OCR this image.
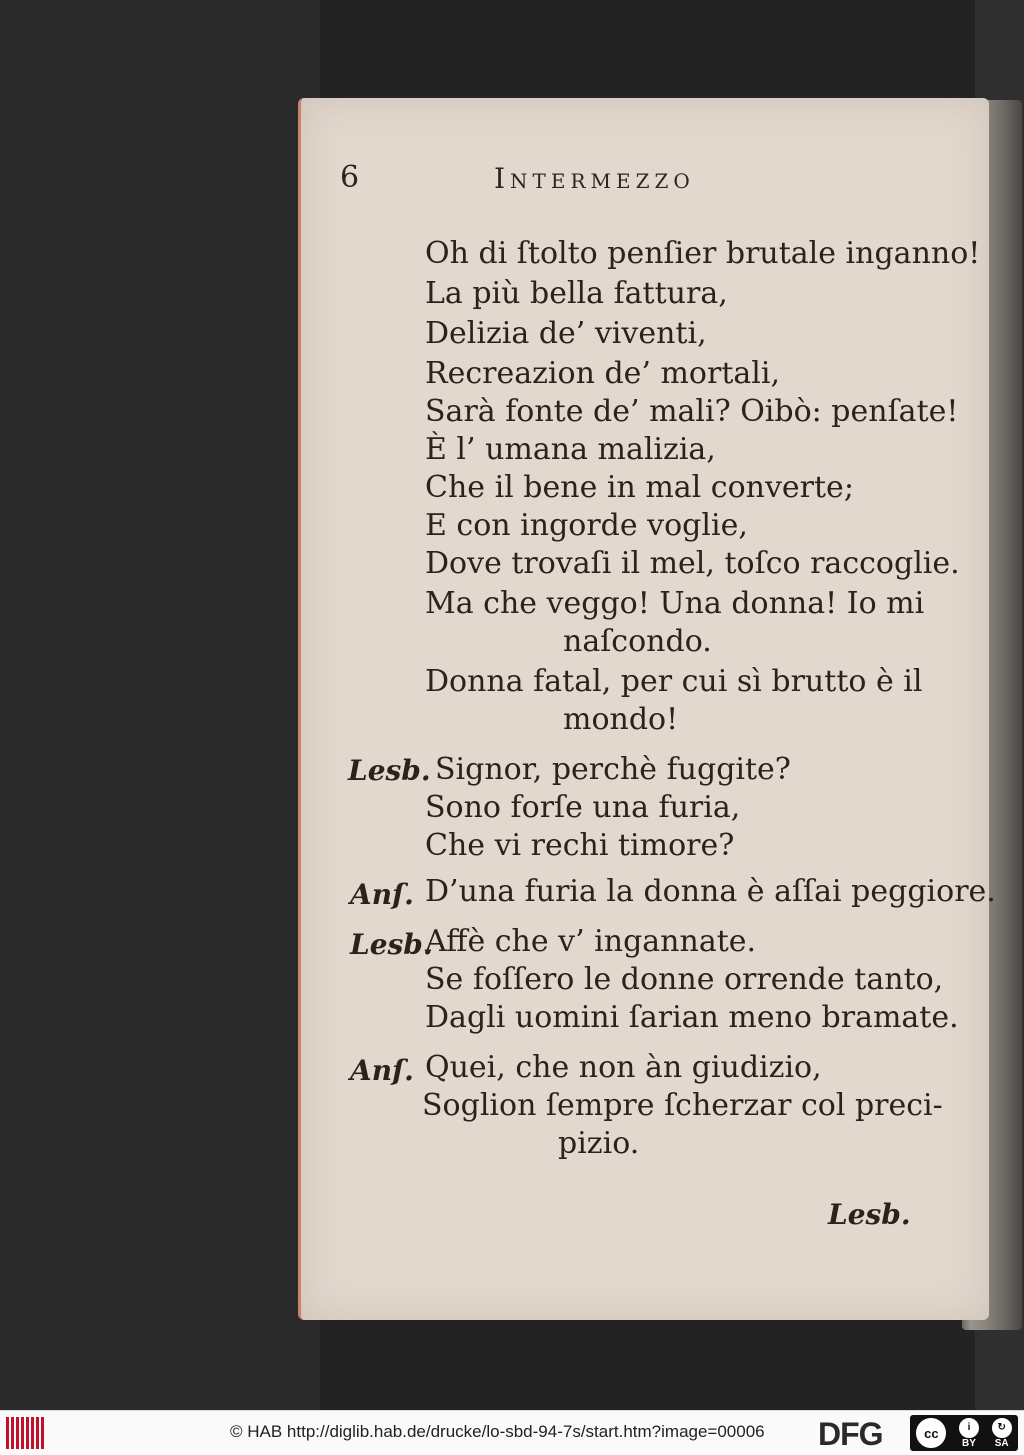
6	Intermezzo
Oh di ſtolto penſier brutale inganno!
La più bella fattura,
Delizia de’ viventi,
Recreazion de’ mortali,
Sarà fonte de’ mali? Oibò: penſate!
È l’ umana malizia,
Che il bene in mal converte;
E con ingorde voglie,
Dove trovaſi il mel, toſco raccoglie.
Ma che veggo! Una donna! Io mi
naſcondo.
Donna fatal, per cui sì brutto è il
mondo!
Lesb. Signor, perchè fuggite?
Sono forſe una furia,
Che vi rechi timore?
Anſ. D’una furia la donna è aſſai peggiore.
Lesb.
Affè che v’ ingannate.
Se foſſero le donne orrende tanto,
Dagli uomini ſarian meno bramate.
Anſ. Quei, che non àn giudizio,
Soglion ſempre ſcherzar col preci-
pizio.
Lesb.
© HAB http://diglib.hab.de/drucke/lo-sbd-94-7s/start.htm?image=00006 DFG	cc	i
BY
↻
SA
